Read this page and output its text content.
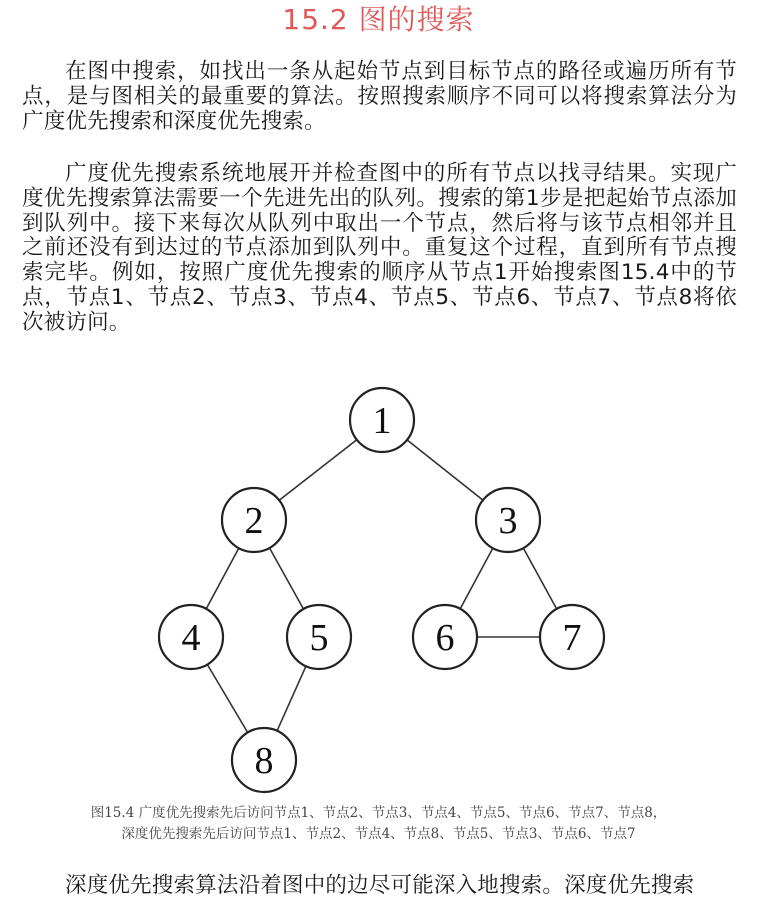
15.2 图的搜索

在图中搜索，如找出一条从起始节点到目标节点的路径或遍历所有节点，是与图相关的最重要的算法。按照搜索顺序不同可以将搜索算法分为广度优先搜索和深度优先搜索。

广度优先搜索系统地展开并检查图中的所有节点以找寻结果。实现广度优先搜索算法需要一个先进先出的队列。搜索的第1步是把起始节点添加到队列中。接下来每次从队列中取出一个节点，然后将与该节点相邻并且之前还没有到达过的节点添加到队列中。重复这个过程，直到所有节点搜索完毕。例如，按照广度优先搜索的顺序从节点1开始搜索图15.4中的节点，节点1、节点2、节点3、节点4、节点5、节点6、节点7、节点8将依次被访问。

1
2	3
4	5	6	7
8
图15.4 广度优先搜索先后访问节点1、节点2、节点3、节点4、节点5、节点6、节点7、节点8，
深度优先搜索先后访问节点1、节点2、节点4、节点8、节点5、节点3、节点6、节点7

深度优先搜索算法沿着图中的边尽可能深入地搜索。深度优先搜索
